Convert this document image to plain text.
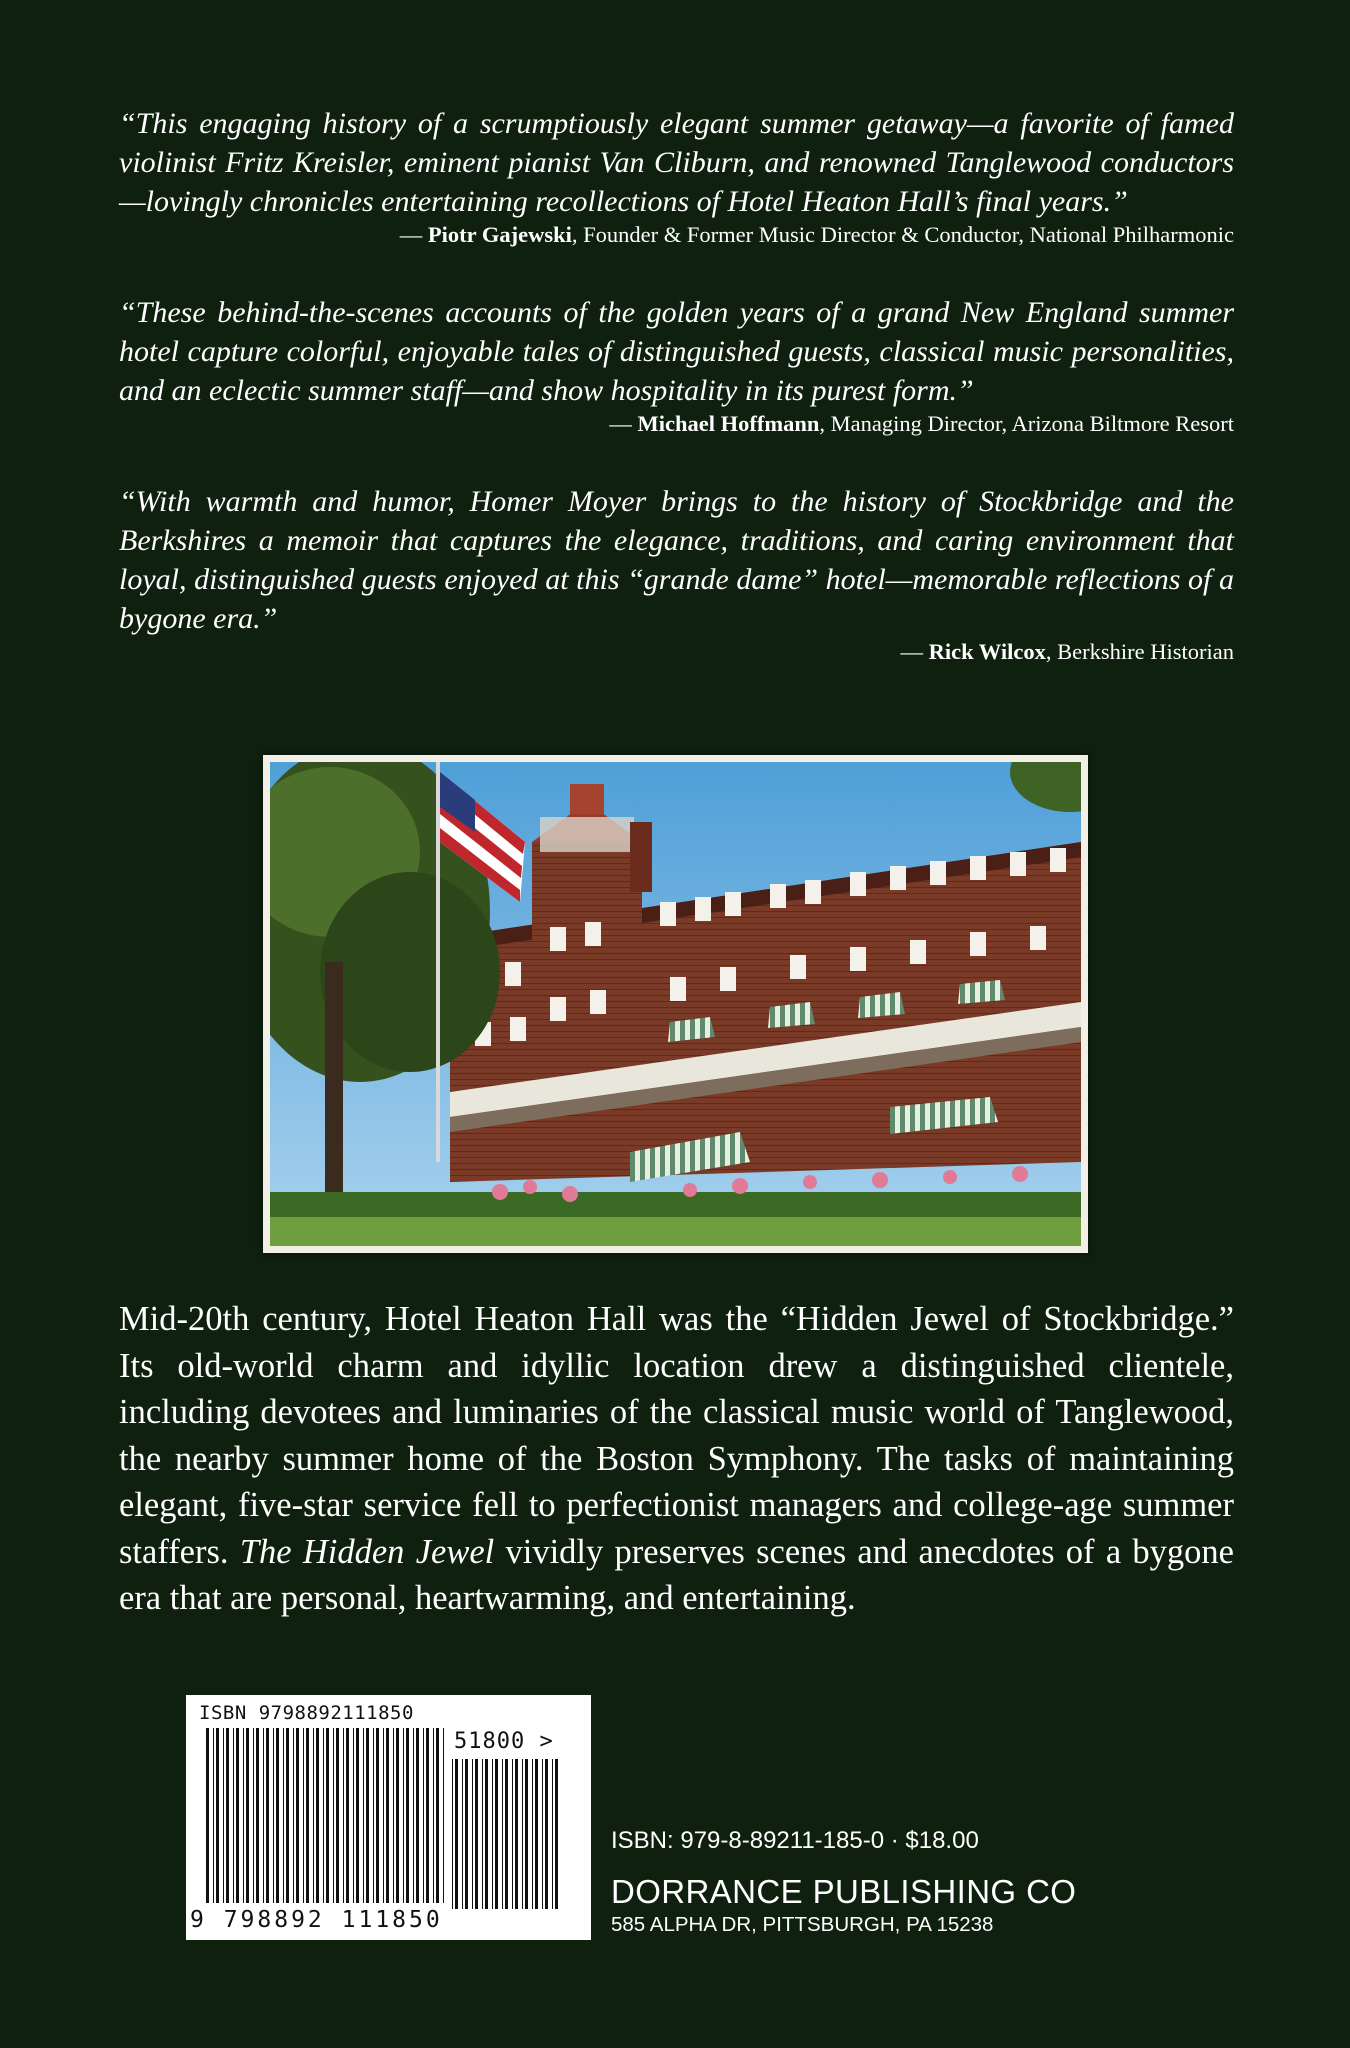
“This engaging history of a scrumptiously elegant summer getaway—a favorite of famed violinist Fritz Kreisler, eminent pianist Van Cliburn, and renowned Tanglewood conductors—lovingly chronicles entertaining recollections of Hotel Heaton Hall’s final years.”

— Piotr Gajewski, Founder & Former Music Director & Conductor, National Philharmonic

“These behind-the-scenes accounts of the golden years of a grand New England summer hotel capture colorful, enjoyable tales of distinguished guests, classical music personalities, and an eclectic summer staff—and show hospitality in its purest form.”

— Michael Hoffmann, Managing Director, Arizona Biltmore Resort

“With warmth and humor, Homer Moyer brings to the history of Stockbridge and the Berkshires a memoir that captures the elegance, traditions, and caring environment that loyal, distinguished guests enjoyed at this “grande dame” hotel—memorable reflections of a bygone era.”

— Rick Wilcox, Berkshire Historian

Mid-20th century, Hotel Heaton Hall was the “Hidden Jewel of Stockbridge.” Its old-world charm and idyllic location drew a distinguished clientele, including devotees and luminaries of the classical music world of Tanglewood, the nearby summer home of the Boston Symphony. The tasks of maintaining elegant, five-star service fell to perfectionist managers and college-age summer staffers. The Hidden Jewel vividly preserves scenes and anecdotes of a bygone era that are personal, heartwarming, and entertaining.

ISBN 9798892111850
51800 >
9 798892 111850

ISBN: 979-8-89211-185-0 · $18.00

DORRANCE PUBLISHING CO

585 ALPHA DR, PITTSBURGH, PA 15238
